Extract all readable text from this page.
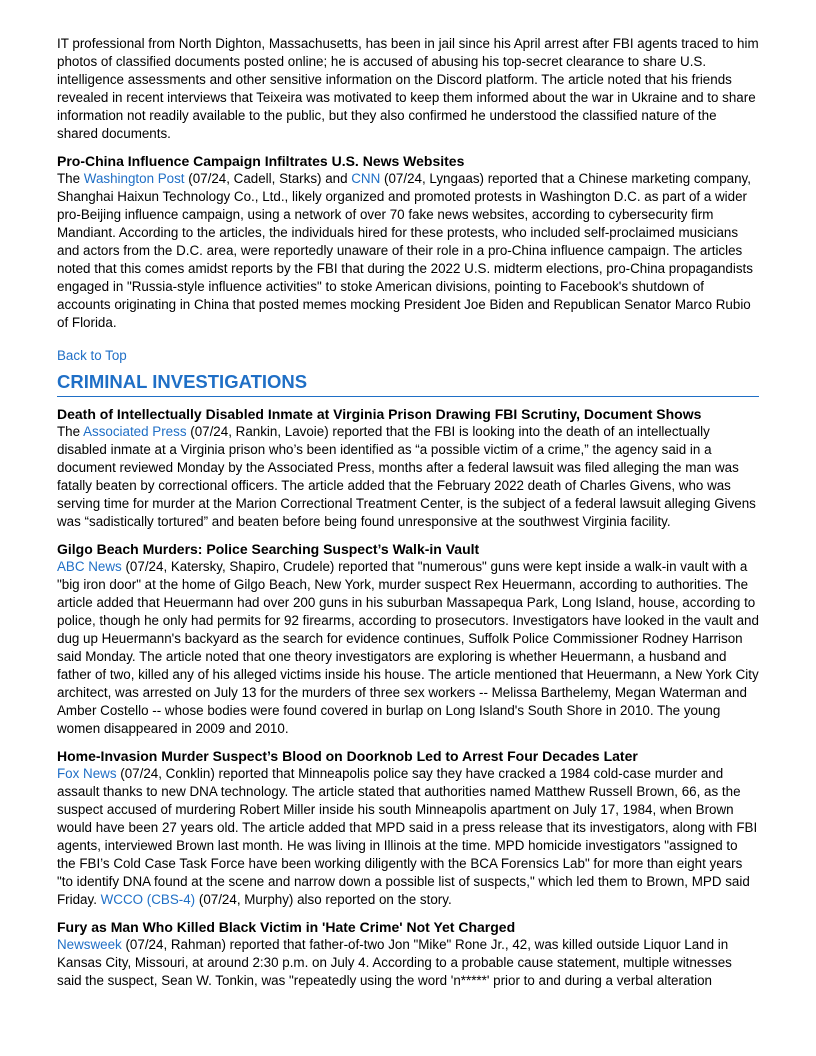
IT professional from North Dighton, Massachusetts, has been in jail since his April arrest after FBI agents traced to him photos of classified documents posted online; he is accused of abusing his top-secret clearance to share U.S. intelligence assessments and other sensitive information on the Discord platform. The article noted that his friends revealed in recent interviews that Teixeira was motivated to keep them informed about the war in Ukraine and to share information not readily available to the public, but they also confirmed he understood the classified nature of the shared documents.

Pro-China Influence Campaign Infiltrates U.S. News Websites

The Washington Post (07/24, Cadell, Starks) and CNN (07/24, Lyngaas) reported that a Chinese marketing company, Shanghai Haixun Technology Co., Ltd., likely organized and promoted protests in Washington D.C. as part of a wider pro-Beijing influence campaign, using a network of over 70 fake news websites, according to cybersecurity firm Mandiant. According to the articles, the individuals hired for these protests, who included self-proclaimed musicians and actors from the D.C. area, were reportedly unaware of their role in a pro-China influence campaign. The articles noted that this comes amidst reports by the FBI that during the 2022 U.S. midterm elections, pro-China propagandists engaged in "Russia-style influence activities" to stoke American divisions, pointing to Facebook's shutdown of accounts originating in China that posted memes mocking President Joe Biden and Republican Senator Marco Rubio of Florida.

Back to Top
CRIMINAL INVESTIGATIONS
Death of Intellectually Disabled Inmate at Virginia Prison Drawing FBI Scrutiny, Document Shows

The Associated Press (07/24, Rankin, Lavoie) reported that the FBI is looking into the death of an intellectually disabled inmate at a Virginia prison who’s been identified as “a possible victim of a crime,” the agency said in a document reviewed Monday by the Associated Press, months after a federal lawsuit was filed alleging the man was fatally beaten by correctional officers. The article added that the February 2022 death of Charles Givens, who was serving time for murder at the Marion Correctional Treatment Center, is the subject of a federal lawsuit alleging Givens was “sadistically tortured” and beaten before being found unresponsive at the southwest Virginia facility.

Gilgo Beach Murders: Police Searching Suspect’s Walk-in Vault

ABC News (07/24, Katersky, Shapiro, Crudele) reported that "numerous" guns were kept inside a walk-in vault with a "big iron door" at the home of Gilgo Beach, New York, murder suspect Rex Heuermann, according to authorities. The article added that Heuermann had over 200 guns in his suburban Massapequa Park, Long Island, house, according to police, though he only had permits for 92 firearms, according to prosecutors. Investigators have looked in the vault and dug up Heuermann's backyard as the search for evidence continues, Suffolk Police Commissioner Rodney Harrison said Monday. The article noted that one theory investigators are exploring is whether Heuermann, a husband and father of two, killed any of his alleged victims inside his house. The article mentioned that Heuermann, a New York City architect, was arrested on July 13 for the murders of three sex workers -- Melissa Barthelemy, Megan Waterman and Amber Costello -- whose bodies were found covered in burlap on Long Island's South Shore in 2010. The young women disappeared in 2009 and 2010.

Home-Invasion Murder Suspect’s Blood on Doorknob Led to Arrest Four Decades Later

Fox News (07/24, Conklin) reported that Minneapolis police say they have cracked a 1984 cold-case murder and assault thanks to new DNA technology. The article stated that authorities named Matthew Russell Brown, 66, as the suspect accused of murdering Robert Miller inside his south Minneapolis apartment on July 17, 1984, when Brown would have been 27 years old. The article added that MPD said in a press release that its investigators, along with FBI agents, interviewed Brown last month. He was living in Illinois at the time. MPD homicide investigators "assigned to the FBI’s Cold Case Task Force have been working diligently with the BCA Forensics Lab" for more than eight years "to identify DNA found at the scene and narrow down a possible list of suspects," which led them to Brown, MPD said Friday. WCCO (CBS-4) (07/24, Murphy) also reported on the story.

Fury as Man Who Killed Black Victim in 'Hate Crime' Not Yet Charged

Newsweek (07/24, Rahman) reported that father-of-two Jon "Mike" Rone Jr., 42, was killed outside Liquor Land in Kansas City, Missouri, at around 2:30 p.m. on July 4. According to a probable cause statement, multiple witnesses said the suspect, Sean W. Tonkin, was "repeatedly using the word 'n*****' prior to and during a verbal alteration
